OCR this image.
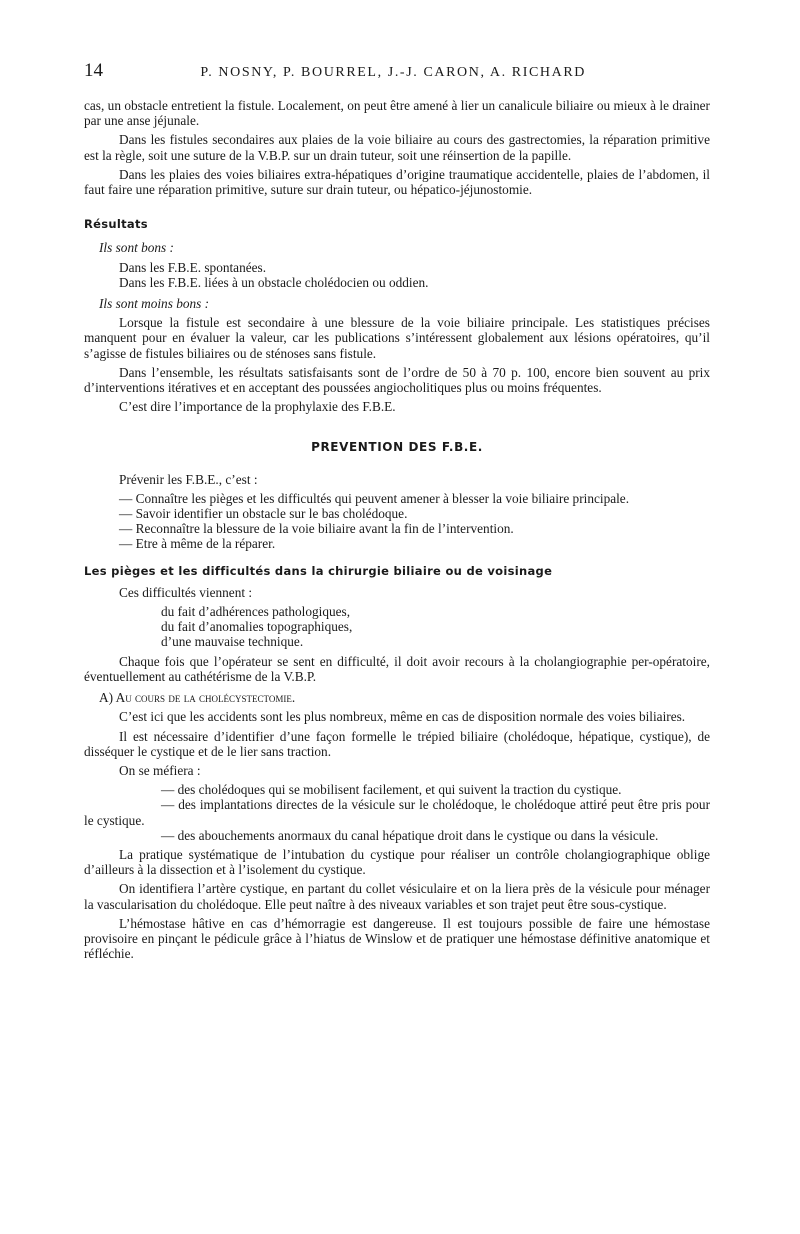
14	P. NOSNY, P. BOURREL, J.-J. CARON, A. RICHARD

cas, un obstacle entretient la fistule. Localement, on peut être amené à lier un canalicule biliaire ou mieux à le drainer par une anse jéjunale.

Dans les fistules secondaires aux plaies de la voie biliaire au cours des gastrectomies, la réparation primitive est la règle, soit une suture de la V.B.P. sur un drain tuteur, soit une réinsertion de la papille.

Dans les plaies des voies biliaires extra-hépatiques d’origine traumatique accidentelle, plaies de l’abdomen, il faut faire une réparation primitive, suture sur drain tuteur, ou hépatico-jéjunostomie.

Résultats

Ils sont bons :

Dans les F.B.E. spontanées.

Dans les F.B.E. liées à un obstacle cholédocien ou oddien.

Ils sont moins bons :

Lorsque la fistule est secondaire à une blessure de la voie biliaire principale. Les statistiques précises manquent pour en évaluer la valeur, car les publications s’intéressent globalement aux lésions opératoires, qu’il s’agisse de fistules biliaires ou de sténoses sans fistule.

Dans l’ensemble, les résultats satisfaisants sont de l’ordre de 50 à 70 p. 100, encore bien souvent au prix d’interventions itératives et en acceptant des poussées angiocholitiques plus ou moins fréquentes.

C’est dire l’importance de la prophylaxie des F.B.E.

PREVENTION DES F.B.E.

Prévenir les F.B.E., c’est :

— Connaître les pièges et les difficultés qui peuvent amener à blesser la voie biliaire principale.

— Savoir identifier un obstacle sur le bas cholédoque.

— Reconnaître la blessure de la voie biliaire avant la fin de l’intervention.

— Etre à même de la réparer.

Les pièges et les difficultés dans la chirurgie biliaire ou de voisinage

Ces difficultés viennent :

du fait d’adhérences pathologiques,

du fait d’anomalies topographiques,

d’une mauvaise technique.

Chaque fois que l’opérateur se sent en difficulté, il doit avoir recours à la cholangiographie per-opératoire, éventuellement au cathétérisme de la V.B.P.

A) Au cours de la cholécystectomie.

C’est ici que les accidents sont les plus nombreux, même en cas de disposition normale des voies biliaires.

Il est nécessaire d’identifier d’une façon formelle le trépied biliaire (cholédoque, hépatique, cystique), de disséquer le cystique et de le lier sans traction.

On se méfiera :

— des cholédoques qui se mobilisent facilement, et qui suivent la traction du cystique.

— des implantations directes de la vésicule sur le cholédoque, le cholédoque attiré peut être pris pour le cystique.

— des abouchements anormaux du canal hépatique droit dans le cystique ou dans la vésicule.

La pratique systématique de l’intubation du cystique pour réaliser un contrôle cholangiographique oblige d’ailleurs à la dissection et à l’isolement du cystique.

On identifiera l’artère cystique, en partant du collet vésiculaire et on la liera près de la vésicule pour ménager la vascularisation du cholédoque. Elle peut naître à des niveaux variables et son trajet peut être sous-cystique.

L’hémostase hâtive en cas d’hémorragie est dangereuse. Il est toujours possible de faire une hémostase provisoire en pinçant le pédicule grâce à l’hiatus de Winslow et de pratiquer une hémostase définitive anatomique et réfléchie.
